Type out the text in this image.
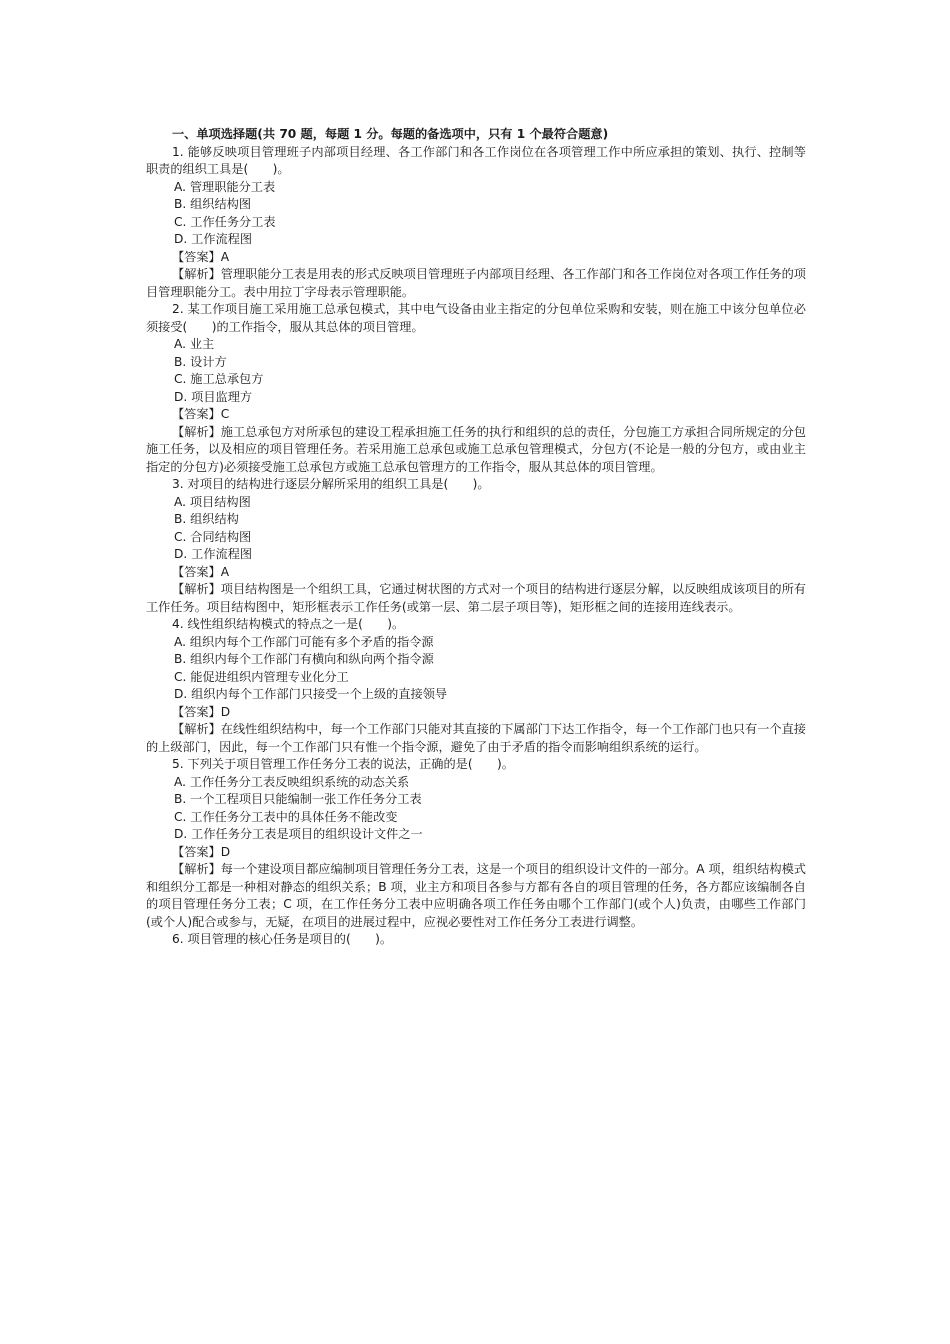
一、单项选择题(共 70 题，每题 1 分。每题的备选项中，只有 1 个最符合题意)
1. 能够反映项目管理班子内部项目经理、各工作部门和各工作岗位在各项管理工作中所应承担的策划、执行、控制等职责的组织工具是(　　)。
A. 管理职能分工表
B. 组织结构图
C. 工作任务分工表
D. 工作流程图
【答案】A
【解析】管理职能分工表是用表的形式反映项目管理班子内部项目经理、各工作部门和各工作岗位对各项工作任务的项目管理职能分工。表中用拉丁字母表示管理职能。
2. 某工作项目施工采用施工总承包模式，其中电气设备由业主指定的分包单位采购和安装，则在施工中该分包单位必须接受(　　)的工作指令，服从其总体的项目管理。
A. 业主
B. 设计方
C. 施工总承包方
D. 项目监理方
【答案】C
【解析】施工总承包方对所承包的建设工程承担施工任务的执行和组织的总的责任，分包施工方承担合同所规定的分包施工任务，以及相应的项目管理任务。若采用施工总承包或施工总承包管理模式，分包方(不论是一般的分包方，或由业主指定的分包方)必须接受施工总承包方或施工总承包管理方的工作指令，服从其总体的项目管理。
3. 对项目的结构进行逐层分解所采用的组织工具是(　　)。
A. 项目结构图
B. 组织结构
C. 合同结构图
D. 工作流程图
【答案】A
【解析】项目结构图是一个组织工具，它通过树状图的方式对一个项目的结构进行逐层分解，以反映组成该项目的所有工作任务。项目结构图中，矩形框表示工作任务(或第一层、第二层子项目等)，矩形框之间的连接用连线表示。
4. 线性组织结构模式的特点之一是(　　)。
A. 组织内每个工作部门可能有多个矛盾的指令源
B. 组织内每个工作部门有横向和纵向两个指令源
C. 能促进组织内管理专业化分工
D. 组织内每个工作部门只接受一个上级的直接领导
【答案】D
【解析】在线性组织结构中，每一个工作部门只能对其直接的下属部门下达工作指令，每一个工作部门也只有一个直接的上级部门，因此，每一个工作部门只有惟一个指令源，避免了由于矛盾的指令而影响组织系统的运行。
5. 下列关于项目管理工作任务分工表的说法，正确的是(　　)。
A. 工作任务分工表反映组织系统的动态关系
B. 一个工程项目只能编制一张工作任务分工表
C. 工作任务分工表中的具体任务不能改变
D. 工作任务分工表是项目的组织设计文件之一
【答案】D
【解析】每一个建设项目都应编制项目管理任务分工表，这是一个项目的组织设计文件的一部分。A 项，组织结构模式和组织分工都是一种相对静态的组织关系；B 项，业主方和项目各参与方都有各自的项目管理的任务，各方都应该编制各自的项目管理任务分工表；C 项，在工作任务分工表中应明确各项工作任务由哪个工作部门(或个人)负责，由哪些工作部门(或个人)配合或参与，无疑，在项目的进展过程中，应视必要性对工作任务分工表进行调整。
6. 项目管理的核心任务是项目的(　　)。
